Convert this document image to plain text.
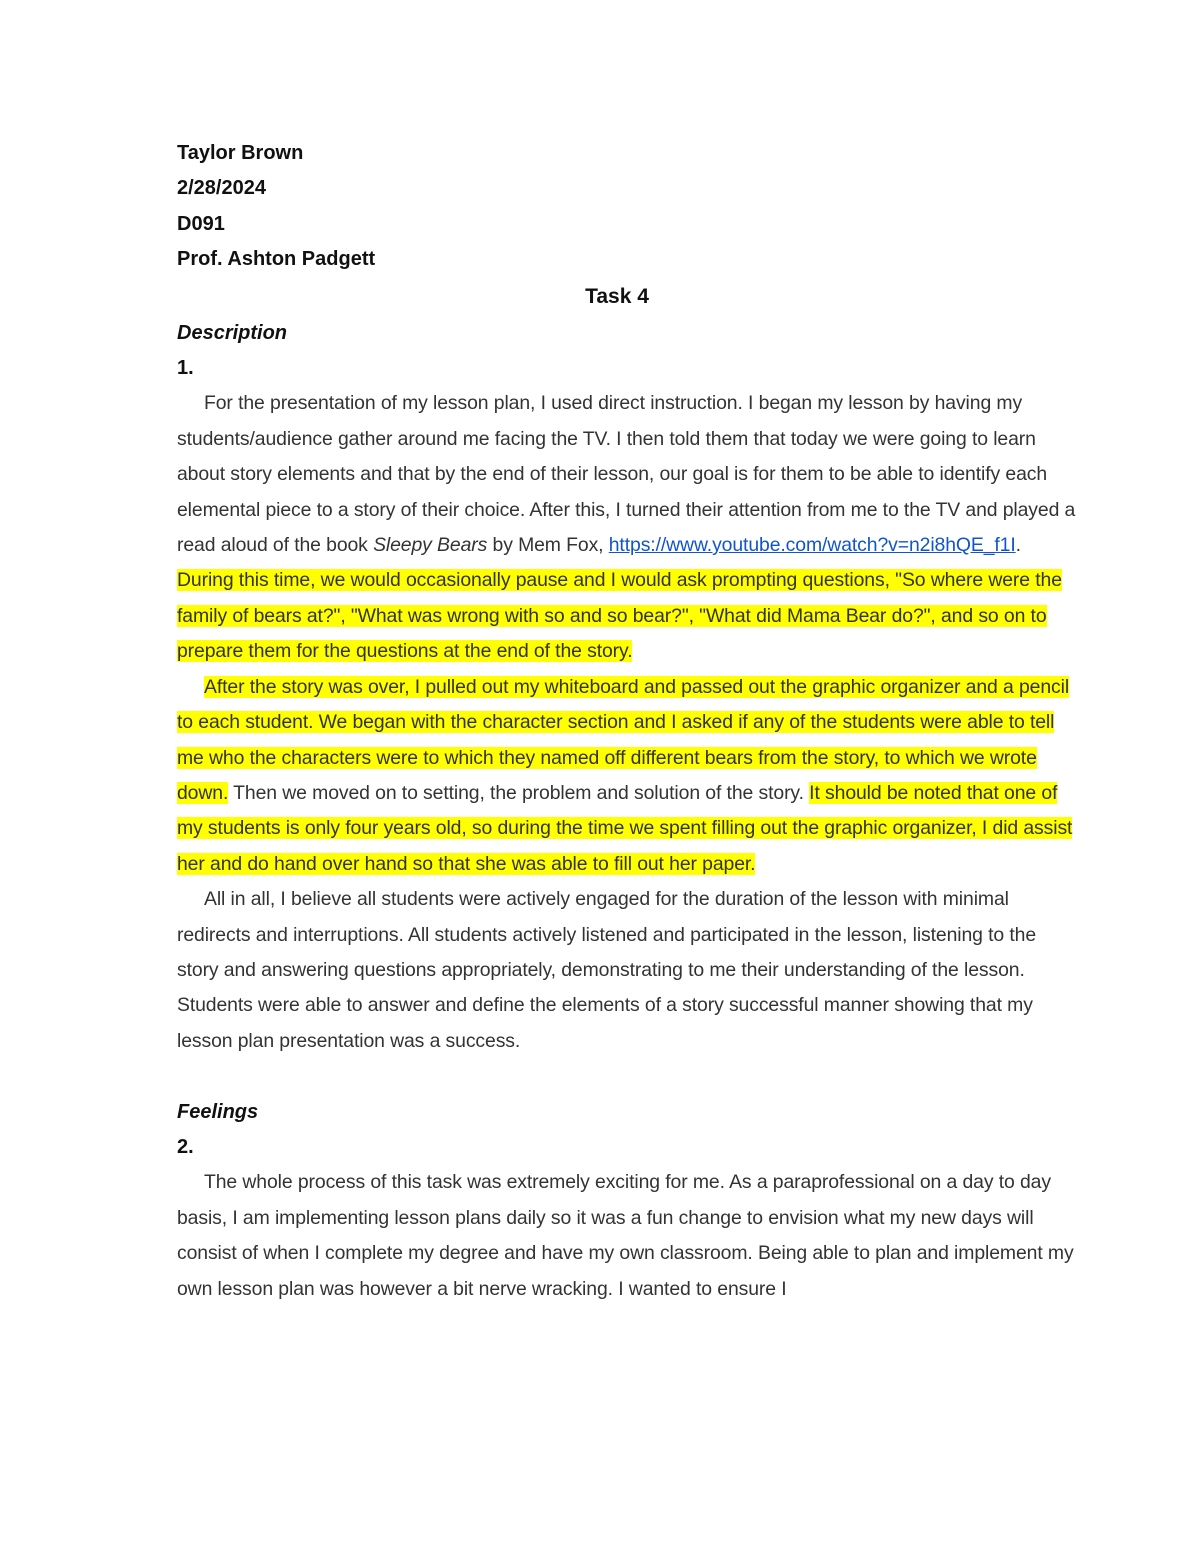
Taylor Brown
2/28/2024
D091
Prof. Ashton Padgett
Task 4
Description
1.

For the presentation of my lesson plan, I used direct instruction. I began my lesson by having my students/audience gather around me facing the TV. I then told them that today we were going to learn about story elements and that by the end of their lesson, our goal is for them to be able to identify each elemental piece to a story of their choice. After this, I turned their attention from me to the TV and played a read aloud of the book Sleepy Bears by Mem Fox, https://www.youtube.com/watch?v=n2i8hQE_f1I. During this time, we would occasionally pause and I would ask prompting questions, "So where were the family of bears at?", "What was wrong with so and so bear?", "What did Mama Bear do?", and so on to prepare them for the questions at the end of the story.

After the story was over, I pulled out my whiteboard and passed out the graphic organizer and a pencil to each student. We began with the character section and I asked if any of the students were able to tell me who the characters were to which they named off different bears from the story, to which we wrote down. Then we moved on to setting, the problem and solution of the story. It should be noted that one of my students is only four years old, so during the time we spent filling out the graphic organizer, I did assist her and do hand over hand so that she was able to fill out her paper.

All in all, I believe all students were actively engaged for the duration of the lesson with minimal redirects and interruptions. All students actively listened and participated in the lesson, listening to the story and answering questions appropriately, demonstrating to me their understanding of the lesson. Students were able to answer and define the elements of a story successful manner showing that my lesson plan presentation was a success.

Feelings
2.

The whole process of this task was extremely exciting for me. As a paraprofessional on a day to day basis, I am implementing lesson plans daily so it was a fun change to envision what my new days will consist of when I complete my degree and have my own classroom. Being able to plan and implement my own lesson plan was however a bit nerve wracking. I wanted to ensure I
